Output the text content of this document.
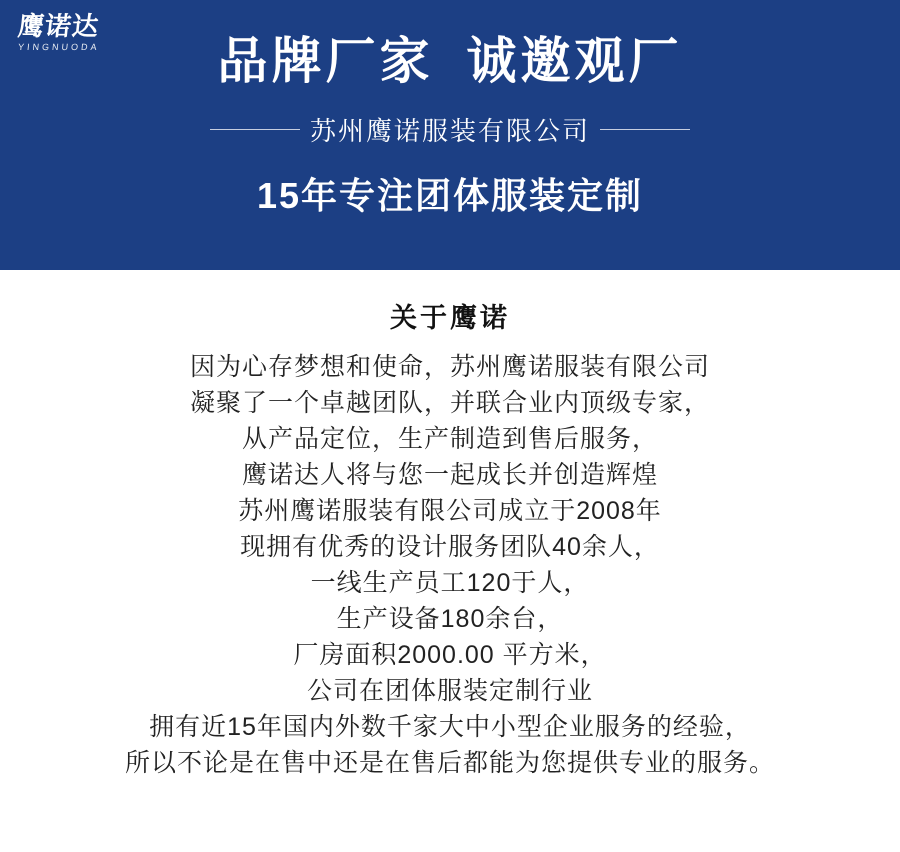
鹰诺达
YINGNUODA	品牌厂家  诚邀观厂
苏州鹰诺服装有限公司
15年专注团体服装定制
关于鹰诺
因为心存梦想和使命，苏州鹰诺服装有限公司
凝聚了一个卓越团队，并联合业内顶级专家，
从产品定位，生产制造到售后服务，
鹰诺达人将与您一起成长并创造辉煌
苏州鹰诺服装有限公司成立于2008年
现拥有优秀的设计服务团队40余人，
一线生产员工120于人，
生产设备180余台，
厂房面积2000.00 平方米，
公司在团体服装定制行业
拥有近15年国内外数千家大中小型企业服务的经验，
所以不论是在售中还是在售后都能为您提供专业的服务。
